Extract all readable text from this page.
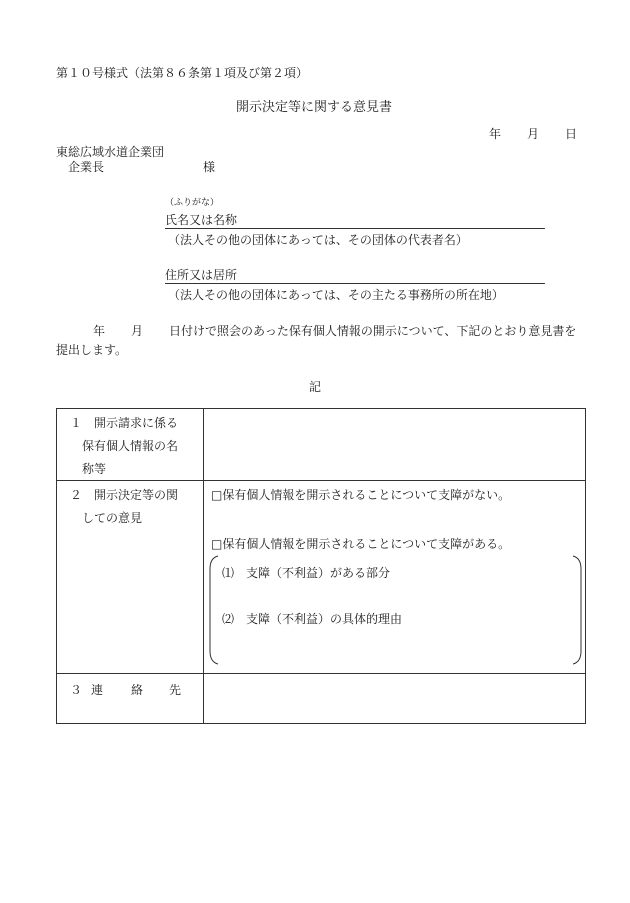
第１０号様式（法第８６条第１項及び第２項）
開示決定等に関する意見書
年 月 日
東総広域水道企業団
企業長	様
（ふりがな）
氏名又は名称
（法人その他の団体にあっては、その団体の代表者名）
住所又は居所
（法人その他の団体にあっては、その主たる事務所の所在地）
年 月 日付けで照会のあった保有個人情報の開示について、下記のとおり意見書を
提出します。
記
１　開示請求に係る
保有個人情報の名
称等
２　開示決定等の関
しての意見
□保有個人情報を開示されることについて支障がない。
□保有個人情報を開示されることについて支障がある。
⑴　支障（不利益）がある部分
⑵　支障（不利益）の具体的理由
３ 連 絡 先
